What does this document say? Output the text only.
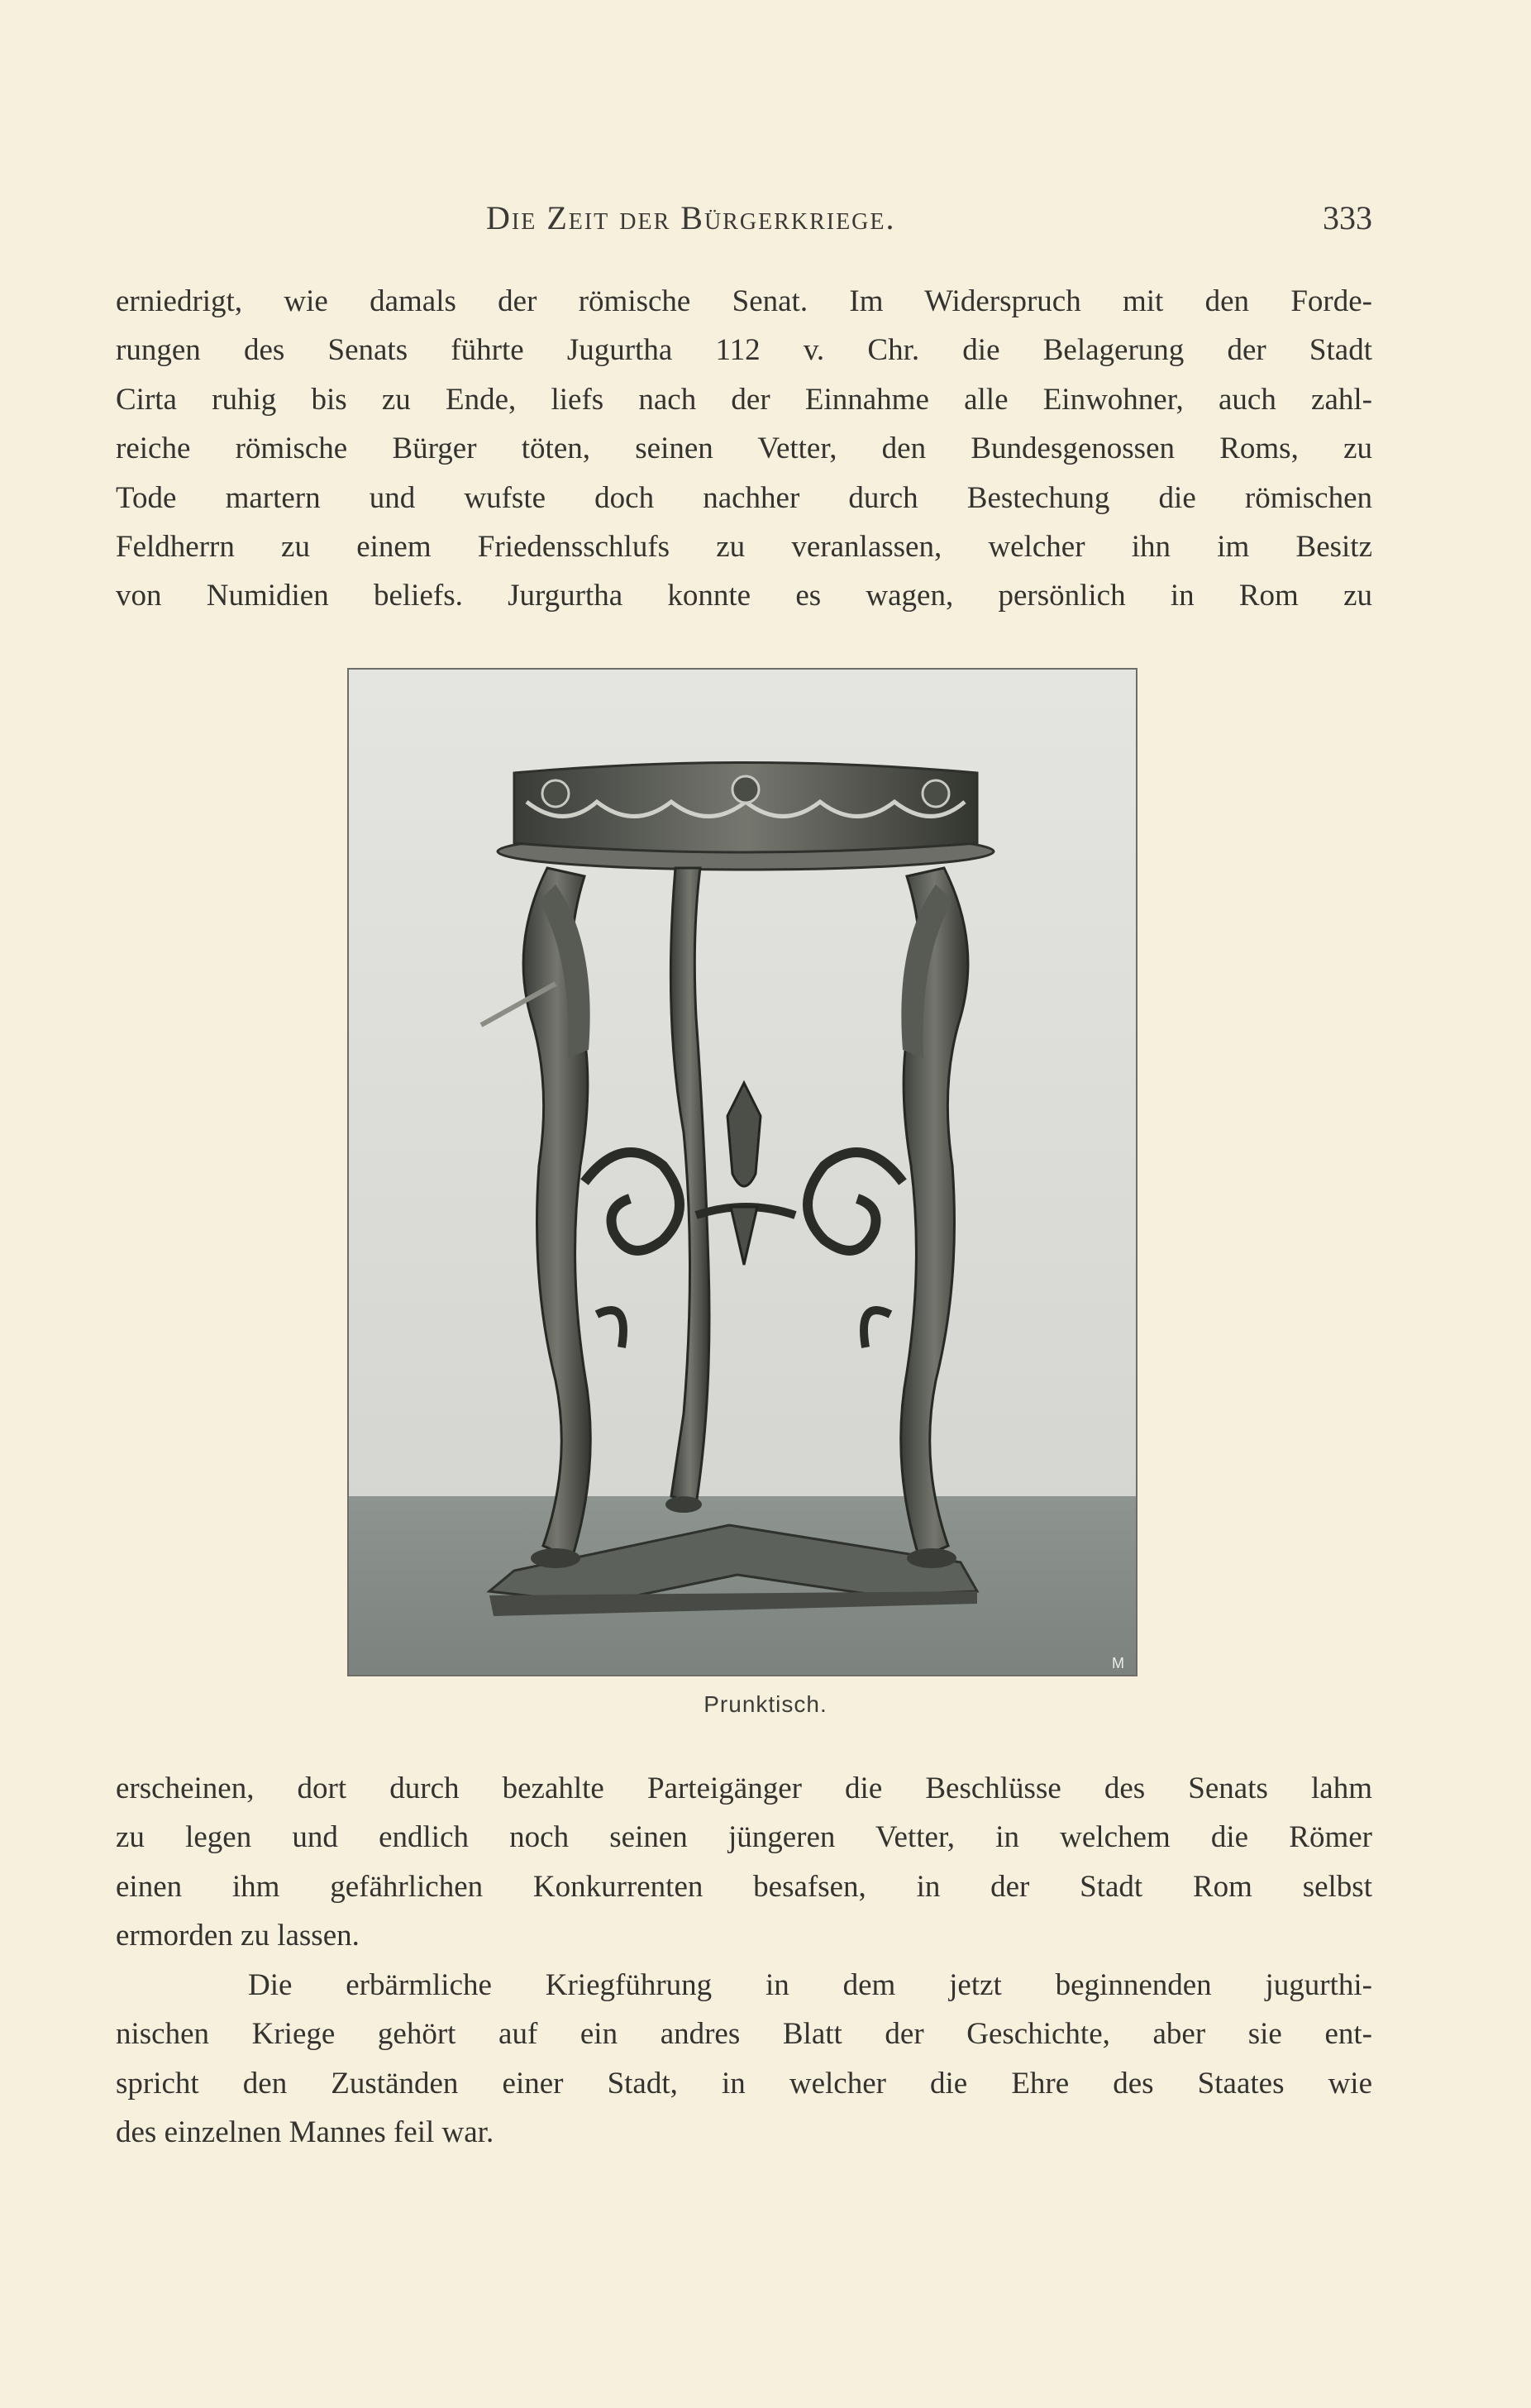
Die Zeit der Bürgerkriege.	333
erniedrigt, wie damals der römische Senat. Im Widerspruch mit den Forde-
rungen des Senats führte Jugurtha 112 v. Chr. die Belagerung der Stadt
Cirta ruhig bis zu Ende, liefs nach der Einnahme alle Einwohner, auch zahl-
reiche römische Bürger töten, seinen Vetter, den Bundesgenossen Roms, zu
Tode martern und wufste doch nachher durch Bestechung die römischen
Feldherrn zu einem Friedensschlufs zu veranlassen, welcher ihn im Besitz
von Numidien beliefs. Jurgurtha konnte es wagen, persönlich in Rom zu
M
Prunktisch.
erscheinen, dort durch bezahlte Parteigänger die Beschlüsse des Senats lahm
zu legen und endlich noch seinen jüngeren Vetter, in welchem die Römer
einen ihm gefährlichen Konkurrenten besafsen, in der Stadt Rom selbst
ermorden zu lassen.
Die erbärmliche Kriegführung in dem jetzt beginnenden jugurthi-
nischen Kriege gehört auf ein andres Blatt der Geschichte, aber sie ent-
spricht den Zuständen einer Stadt, in welcher die Ehre des Staates wie
des einzelnen Mannes feil war.
